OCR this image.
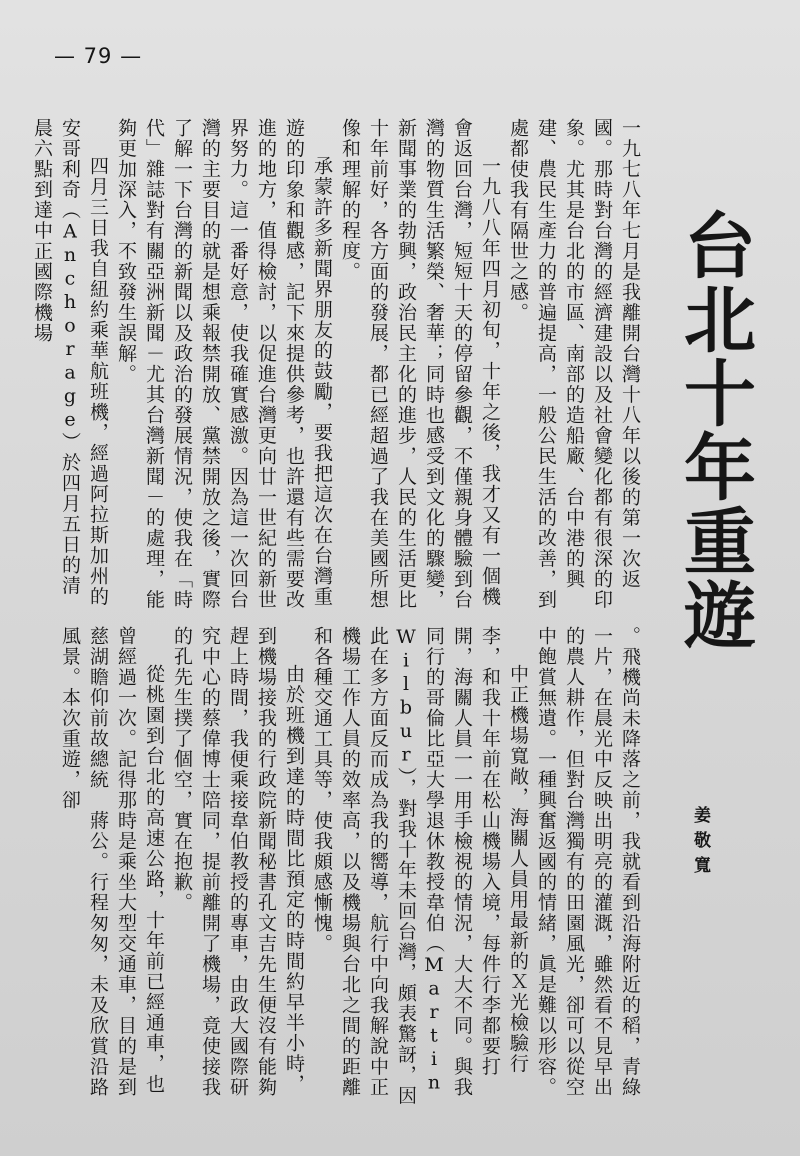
— 79 —
台北十年重遊
姜敬寬

一九七八年七月是我離開台灣十八年以後的第一次返國。那時對台灣的經濟建設以及社會變化都有很深的印象。尤其是台北的市區、南部的造船廠、台中港的興建、農民生產力的普遍提高，一般公民生活的改善，到處都使我有隔世之感。

一九八八年四月初旬，十年之後，我才又有一個機會返回台灣，短短十天的停留參觀，不僅親身體驗到台灣的物質生活繁榮、奢華；同時也感受到文化的驟變，新聞事業的勃興，政治民主化的進步，人民的生活更比十年前好，各方面的發展，都已經超過了我在美國所想像和理解的程度。

承蒙許多新聞界朋友的鼓勵，要我把這次在台灣重遊的印象和觀感，記下來提供參考，也許還有些需要改進的地方，值得檢討，以促進台灣更向廿一世紀的新世界努力。這一番好意，使我確實感激。因為這一次回台灣的主要目的就是想乘報禁開放、黨禁開放之後，實際了解一下台灣的新聞以及政治的發展情況，使我在「時代」雜誌對有關亞洲新聞－尤其台灣新聞－的處理，能夠更加深入，不致發生誤解。

四月三日我自紐約乘華航班機，經過阿拉斯加州的安哥利奇（Anchorage）於四月五日的清晨六點到達中正國際機場

。飛機尚未降落之前，我就看到沿海附近的稻，青綠一片，在晨光中反映出明亮的灌溉，雖然看不見早出的農人耕作，但對台灣獨有的田園風光，卻可以從空中飽賞無遺。一種興奮返國的情緒，眞是難以形容。

中正機場寬敞，海關人員用最新的Ｘ光檢驗行李，和我十年前在松山機場入境，每件行李都要打開，海關人員一一用手檢視的情況，大大不同。與我同行的哥倫比亞大學退休教授韋伯（Martin Wilbur），對我十年未回台灣，頗表驚訝，因此在多方面反而成為我的嚮導，航行中向我解說中正機場工作人員的效率高，以及機場與台北之間的距離和各種交通工具等，使我頗感慚愧。

由於班機到達的時間比預定的時間約早半小時，到機場接我的行政院新聞秘書孔文吉先生便沒有能夠趕上時間，我便乘接韋伯教授的專車，由政大國際研究中心的蔡偉博士陪同，提前離開了機場，竟使接我的孔先生撲了個空，實在抱歉。

從桃園到台北的高速公路，十年前已經通車，也曾經過一次。記得那時是乘坐大型交通車，目的是到慈湖瞻仰前故總統　蔣公。行程匆匆，未及欣賞沿路風景。本次重遊，卻
